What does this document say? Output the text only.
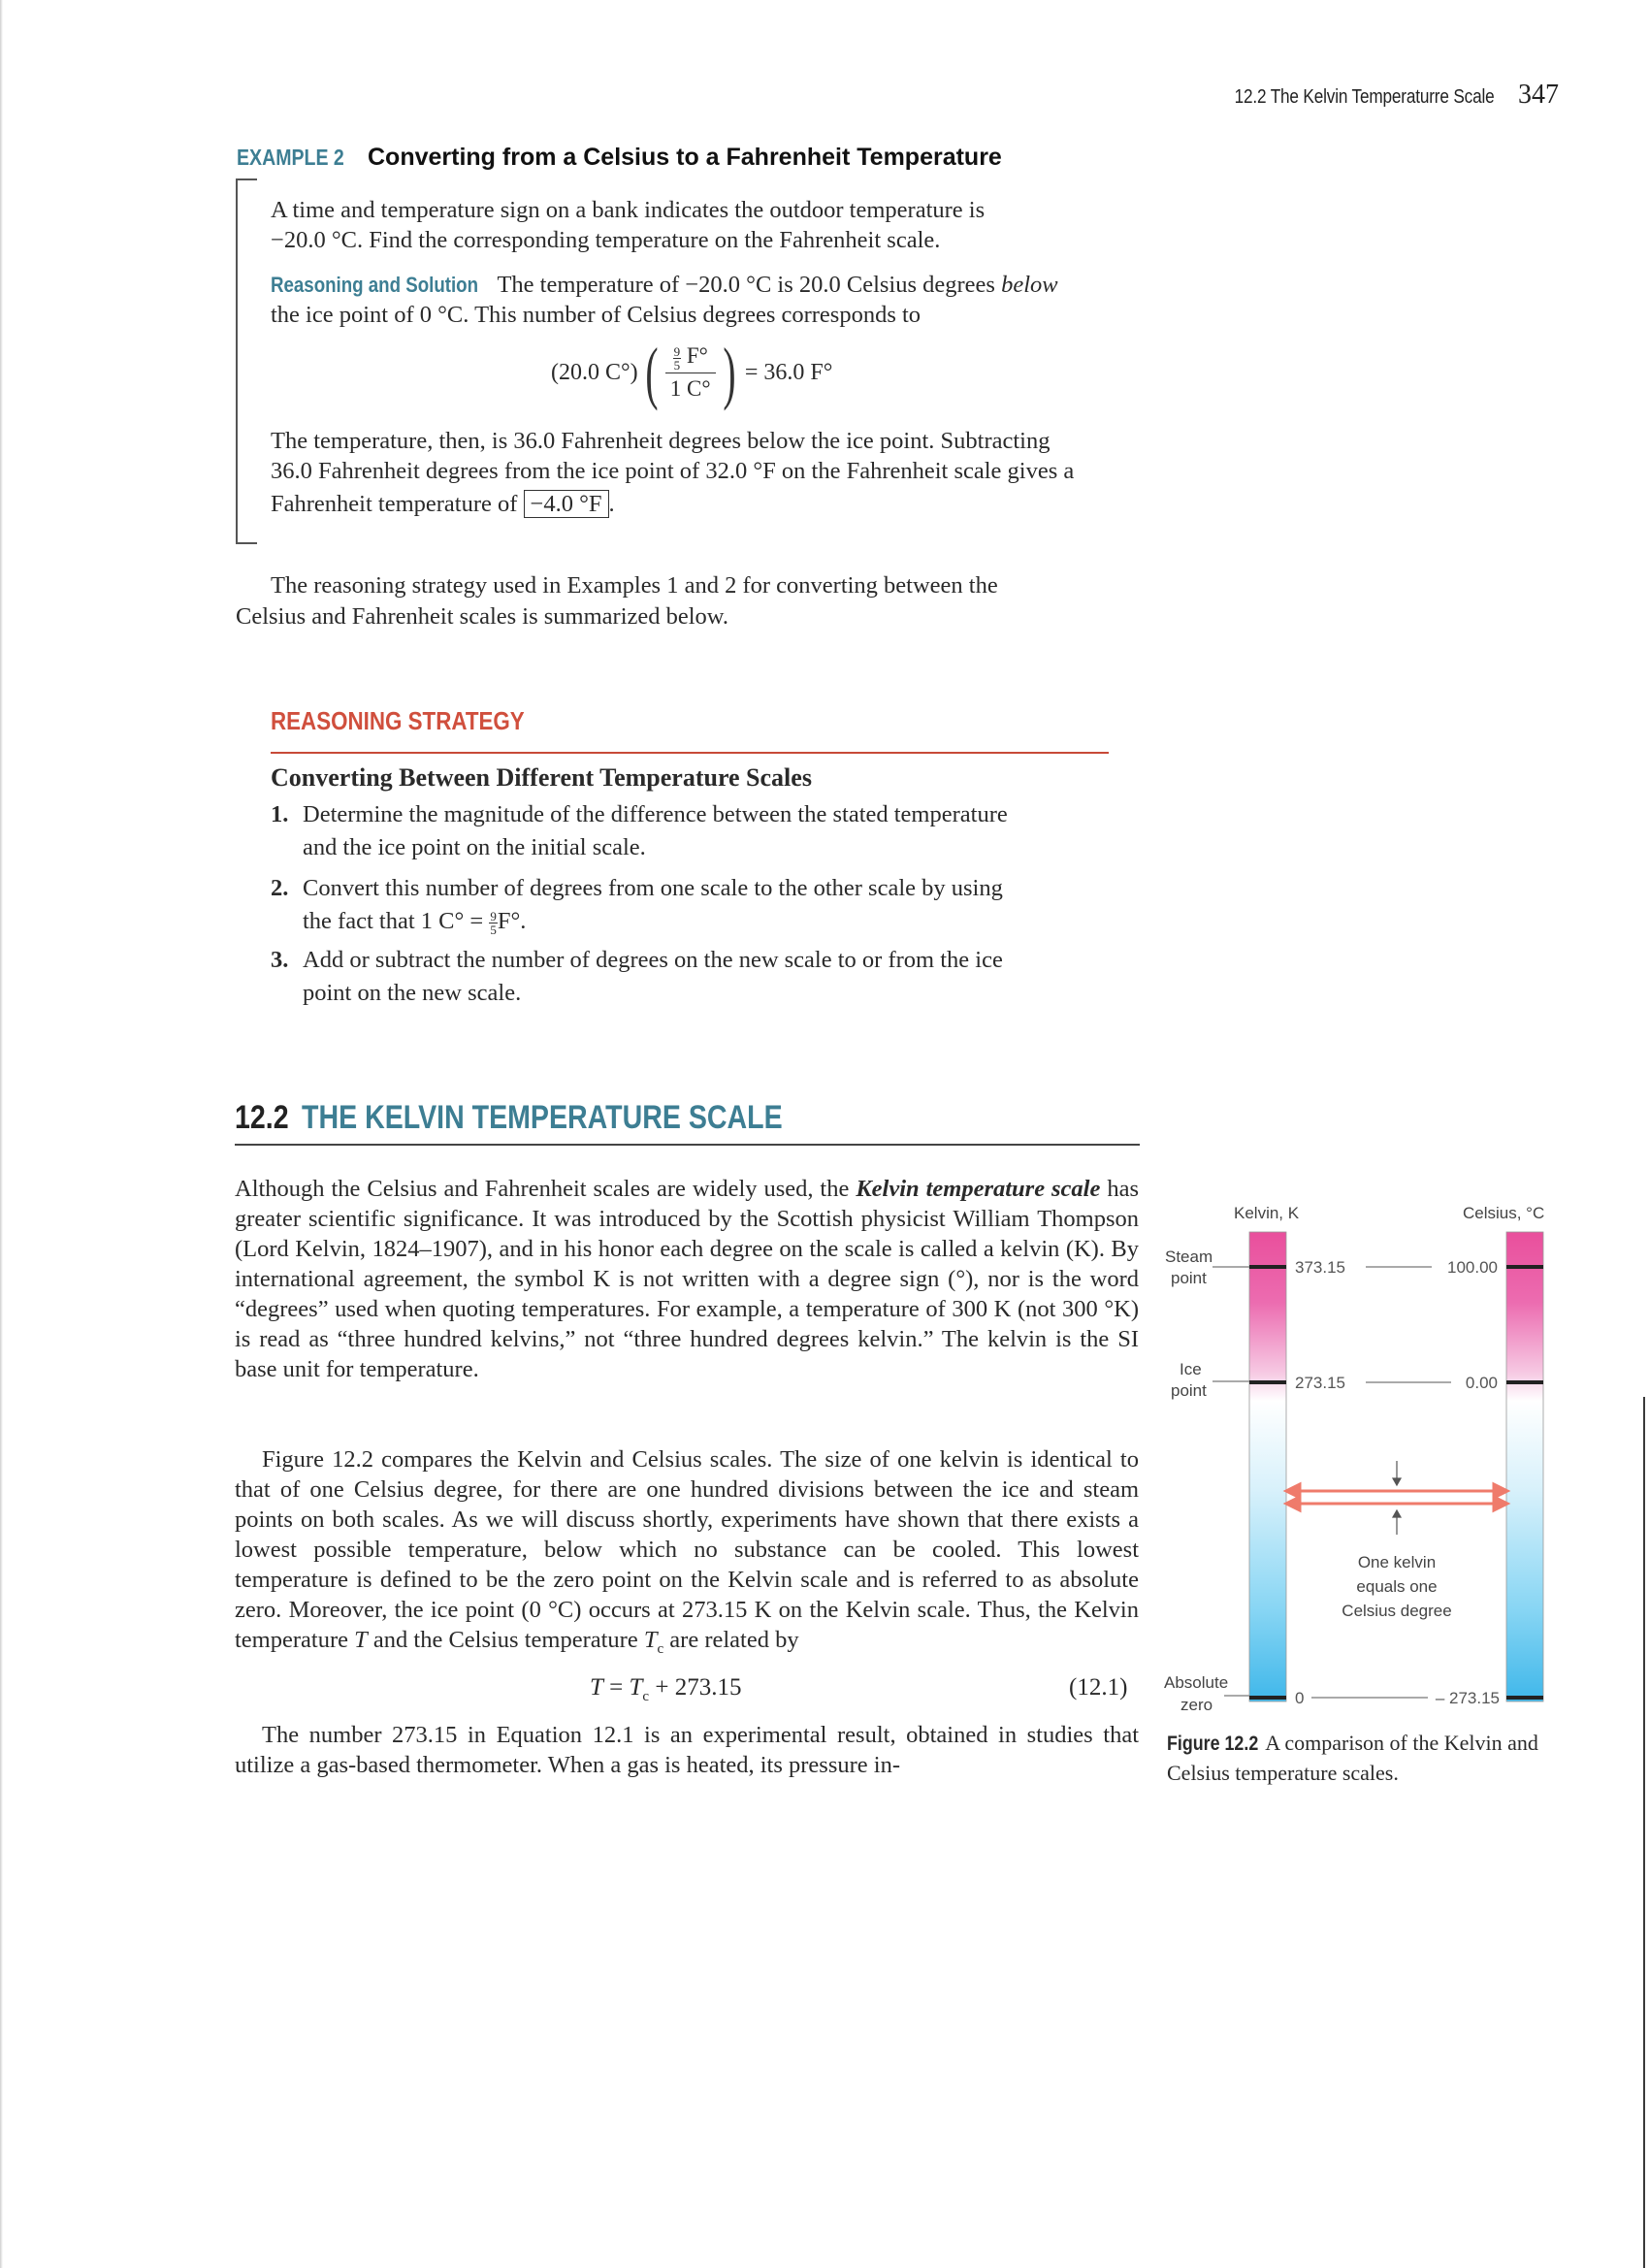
12.2 The Kelvin Temperaturre Scale 347
EXAMPLE 2 Converting from a Celsius to a Fahrenheit Temperature
A time and temperature sign on a bank indicates the outdoor temperature is
−20.0 °C. Find the corresponding temperature on the Fahrenheit scale.
Reasoning and Solution The temperature of −20.0 °C is 20.0 Celsius degrees below
the ice point of 0 °C. This number of Celsius degrees corresponds to
(20.0 C°) ( $\frac{\frac{9}{5} F^\circ}{1 C^\circ}$ ) = 36.0 F°
The temperature, then, is 36.0 Fahrenheit degrees below the ice point. Subtracting
36.0 Fahrenheit degrees from the ice point of 32.0 °F on the Fahrenheit scale gives a
Fahrenheit temperature of −4.0 °F .
The reasoning strategy used in Examples 1 and 2 for converting between the
Celsius and Fahrenheit scales is summarized below.
REASONING STRATEGY
Converting Between Different Temperature Scales
1. Determine the magnitude of the difference between the stated temperature
and the ice point on the initial scale.
2. Convert this number of degrees from one scale to the other scale by using
the fact that 1 $C^\circ = \frac{9}{5} F^\circ$.
3. Add or subtract the number of degrees on the new scale to or from the ice
point on the new scale.
12.2 THE KELVIN TEMPERATURE SCALE
Although the Celsius and Fahrenheit scales are widely used, the Kelvin temperature scale has greater scientific significance. It was introduced by the Scottish physicist William Thompson (Lord Kelvin, 1824–1907), and in his honor each degree on the scale is called a kelvin (K). By international agreement, the symbol K is not written with a degree sign (°), nor is the word “degrees” used when quoting temperatures. For example, a temperature of 300 K (not 300 °K) is read as “three hundred kelvins,” not “three hundred degrees kelvin.” The kelvin is the SI base unit for temperature.
Figure 12.2 compares the Kelvin and Celsius scales. The size of one kelvin is identical to that of one Celsius degree, for there are one hundred divisions between the ice and steam points on both scales. As we will discuss shortly, experiments have shown that there exists a lowest possible temperature, below which no substance can be cooled. This lowest temperature is defined to be the zero point on the Kelvin scale and is referred to as absolute zero. Moreover, the ice point (0 °C) occurs at 273.15 K on the Kelvin scale. Thus, the Kelvin temperature T and the Celsius temperature $T_c$ are related by
$T = T_c + 273.15$	(12.1)
The number 273.15 in Equation 12.1 is an experimental result, obtained in studies that utilize a gas-based thermometer. When a gas is heated, its pressure in-
Kelvin, K	Celsius, °C
Steam
point
Ice
point
Absolute
zero
373.15
273.15
0
100.00
0.00
– 273.15
One kelvin
equals one
Celsius degree
Figure 12.2 A comparison of the Kelvin and Celsius temperature scales.
